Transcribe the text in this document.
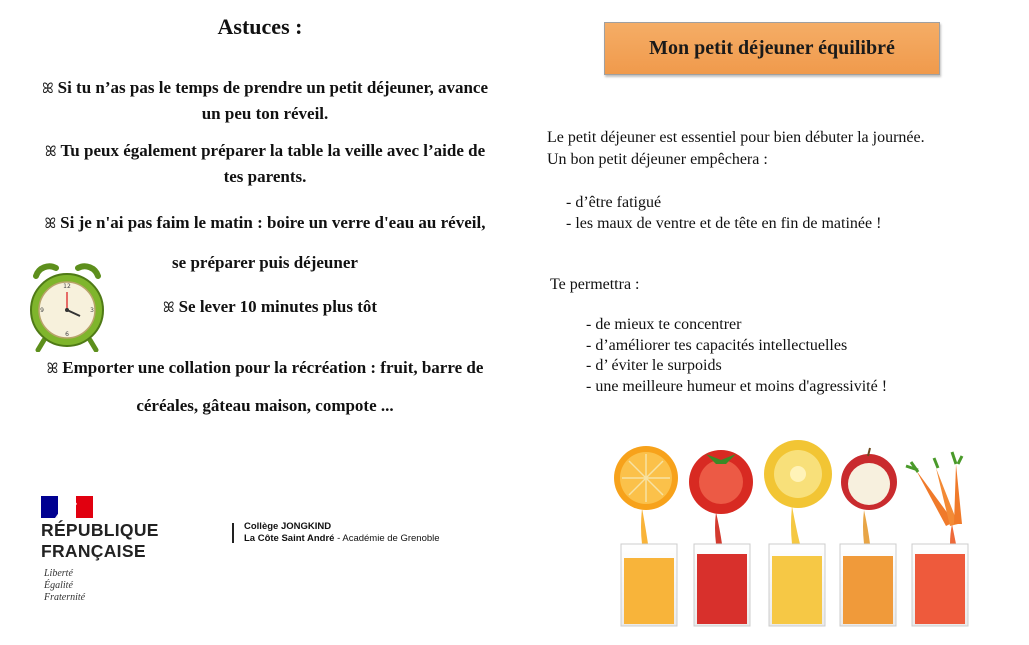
Astuces :
ꕤ Si tu n’as pas le temps de prendre un petit déjeuner, avance
un peu ton réveil.
ꕤ Tu peux également préparer la table la veille avec l’aide de
tes parents.
ꕤ Si je n'ai pas faim le matin : boire un verre d'eau au réveil,
se préparer puis déjeuner
ꕤ Se lever 10 minutes plus tôt
ꕤ Emporter une collation pour la récréation : fruit, barre de
céréales, gâteau maison, compote ...
12
6
9	3
RÉPUBLIQUE
FRANÇAISE
Liberté
Égalité
Fraternité
Collège JONGKIND
La Côte Saint André - Académie de Grenoble
Mon petit déjeuner équilibré
Le petit déjeuner est essentiel pour bien débuter la journée.
Un bon petit déjeuner empêchera :
- d’être fatigué
- les maux de ventre et de tête en fin de matinée !
Te permettra :
- de mieux te concentrer
- d’améliorer tes capacités intellectuelles
- d’ éviter le surpoids
- une meilleure humeur et moins d'agressivité !
